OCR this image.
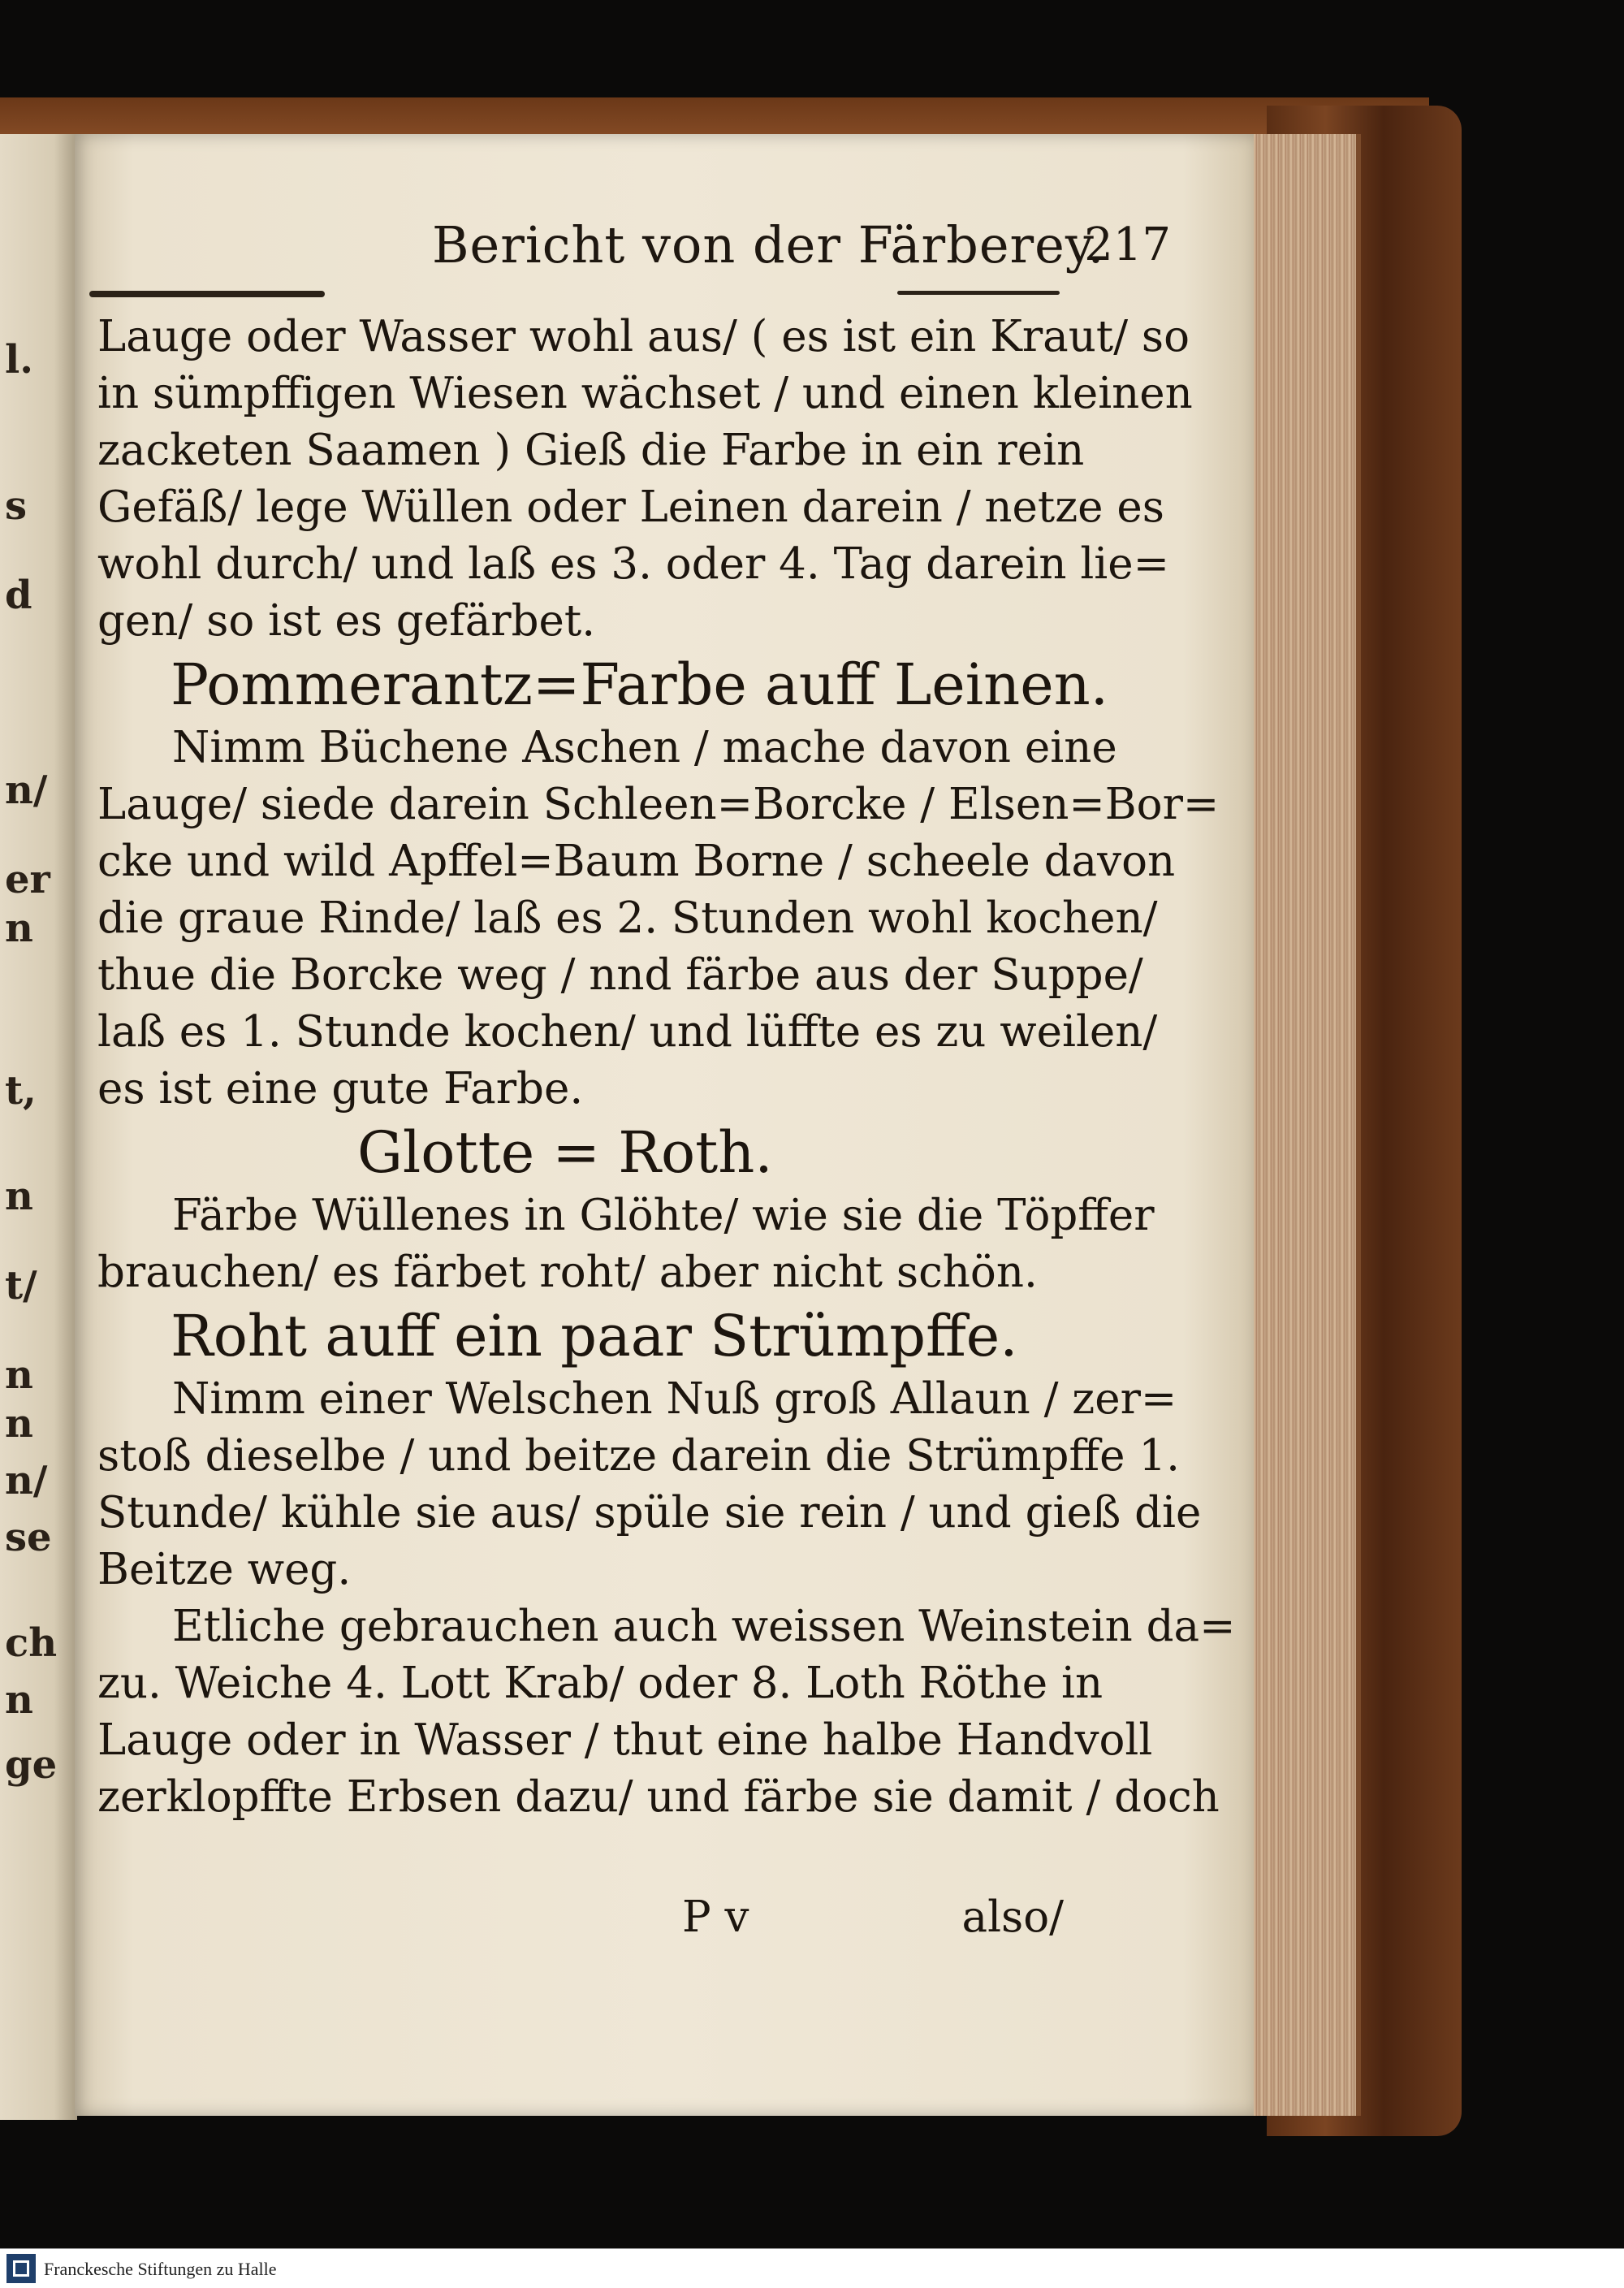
l.
s
d
n/
er
n
t,
n
t/
n
n
n/
se
ch
n
ge
Bericht von der Färberey.
217
Lauge oder Wasser wohl aus/ ( es ist ein Kraut/ so
in sümpffigen Wiesen wächset / und einen kleinen
zacketen Saamen ) Gieß die Farbe in ein rein
Gefäß/ lege Wüllen oder Leinen darein / netze es
wohl durch/ und laß es 3. oder 4. Tag darein lie=
gen/ so ist es gefärbet.
Pommerantz=Farbe auff Leinen.
Nimm Büchene Aschen / mache davon eine
Lauge/ siede darein Schleen=Borcke / Elsen=Bor=
cke und wild Apffel=Baum Borne / scheele davon
die graue Rinde/ laß es 2. Stunden wohl kochen/
thue die Borcke weg / nnd färbe aus der Suppe/
laß es 1. Stunde kochen/ und lüffte es zu weilen/
es ist eine gute Farbe.
Glotte = Roth.
Färbe Wüllenes in Glöhte/ wie sie die Töpffer
brauchen/ es färbet roht/ aber nicht schön.
Roht auff ein paar Strümpffe.
Nimm einer Welschen Nuß groß Allaun / zer=
stoß dieselbe / und beitze darein die Strümpffe 1.
Stunde/ kühle sie aus/ spüle sie rein / und gieß die
Beitze weg.
Etliche gebrauchen auch weissen Weinstein da=
zu. Weiche 4. Lott Krab/ oder 8. Loth Röthe in
Lauge oder in Wasser / thut eine halbe Handvoll
zerklopffte Erbsen dazu/ und färbe sie damit / doch
P v	also/
Franckesche Stiftungen zu Halle
